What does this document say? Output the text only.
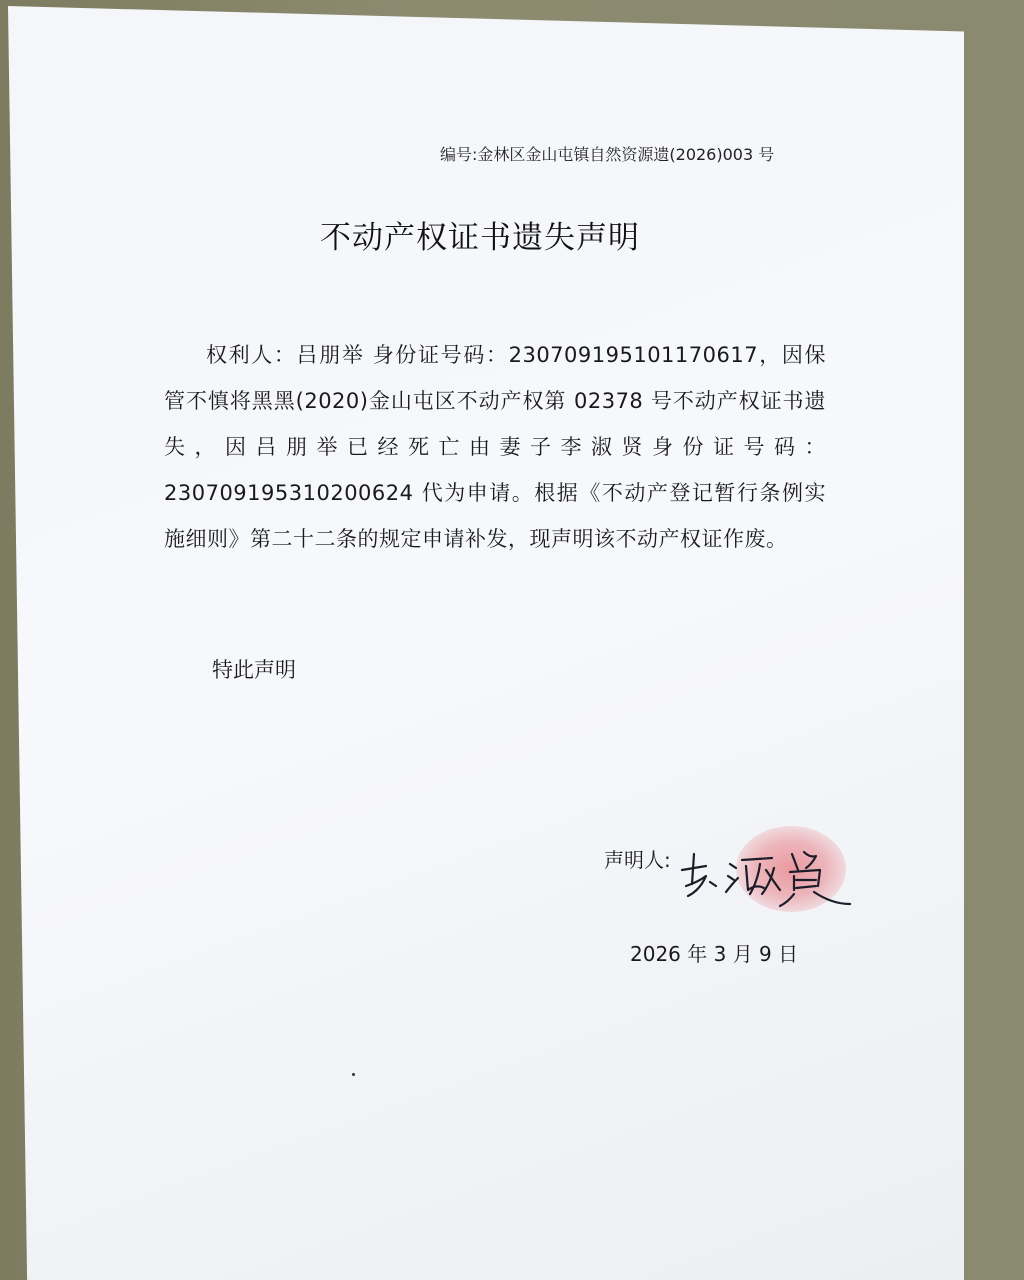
编号:金林区金山屯镇自然资源遗(2026)003 号
不动产权证书遗失声明
权利人：吕朋举 身份证号码：230709195101170617，因保管不慎将黑黑(2020)金山屯区不动产权第 02378 号不动产权证书遗失，因吕朋举已经死亡由妻子李淑贤身份证号码：230709195310200624 代为申请。根据《不动产登记暂行条例实施细则》第二十二条的规定申请补发，现声明该不动产权证作废。
特此声明
声明人:
2026 年 3 月 9 日
